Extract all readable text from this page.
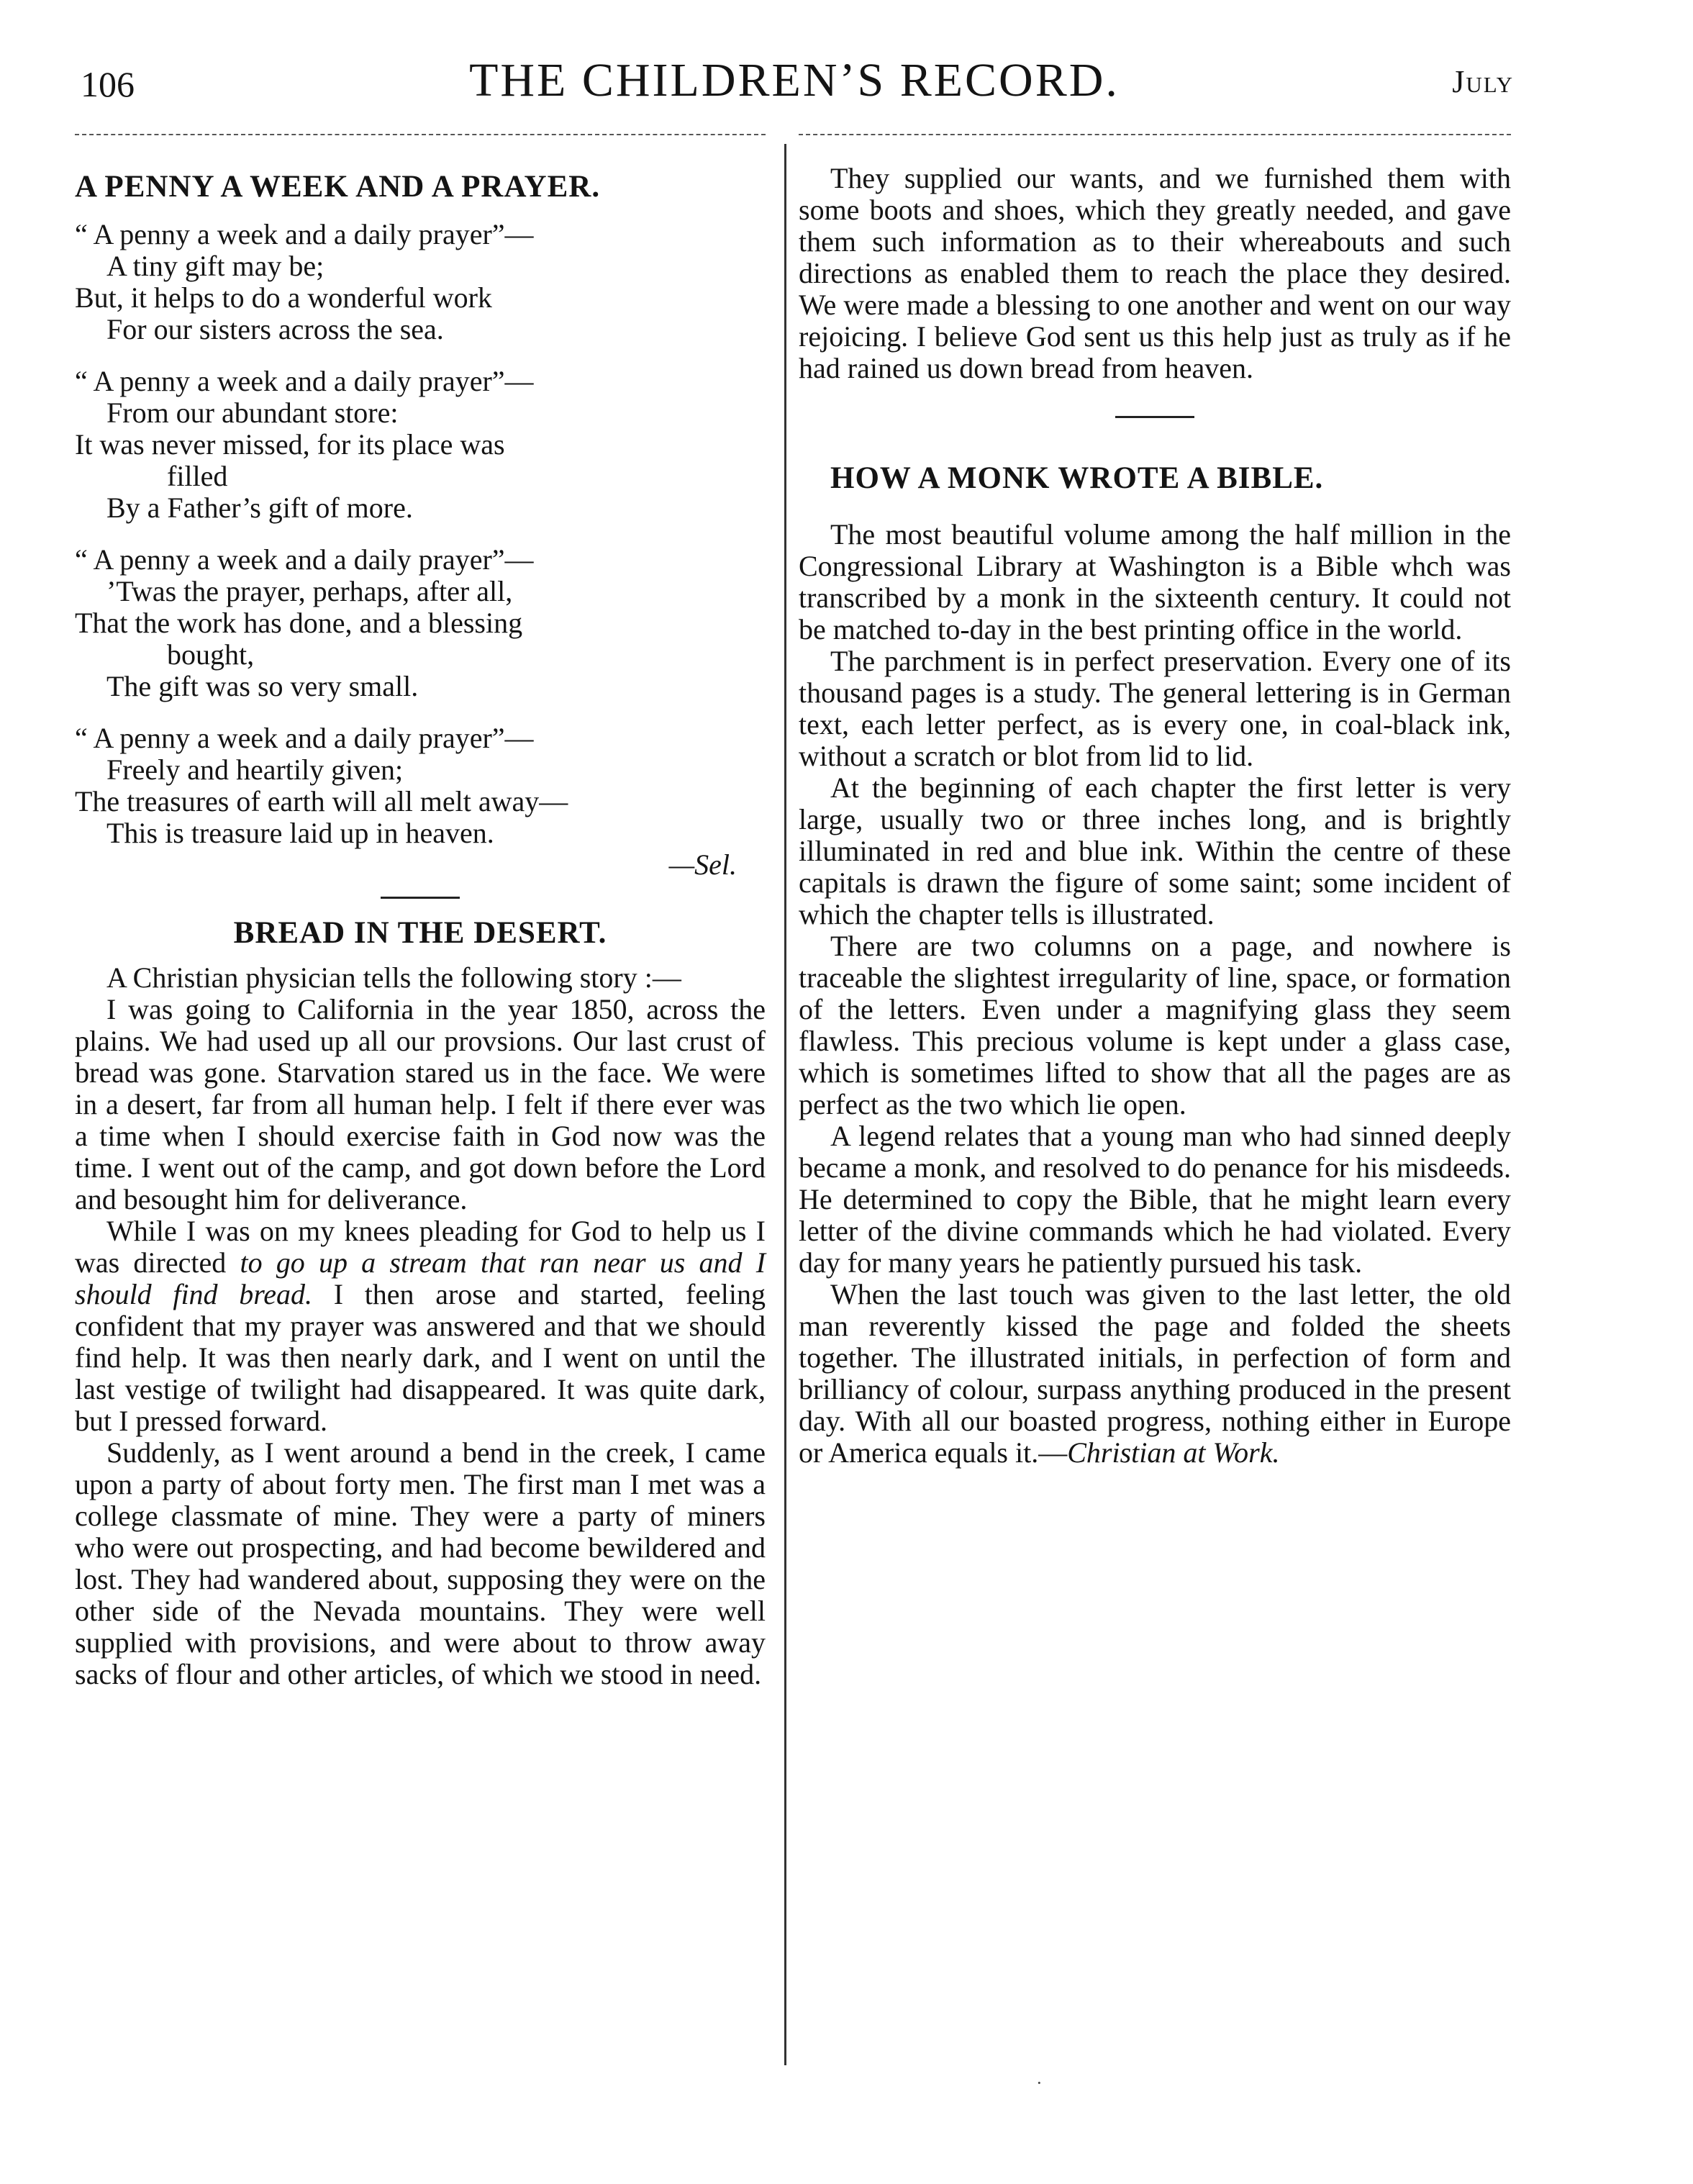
106	THE CHILDREN’S RECORD.	July
A PENNY A WEEK AND A PRAYER.
“ A penny a week and a daily prayer”—
A tiny gift may be;
But, it helps to do a wonderful work
For our sisters across the sea.
“ A penny a week and a daily prayer”—
From our abundant store:
It was never missed, for its place was
filled
By a Father’s gift of more.
“ A penny a week and a daily prayer”—
’Twas the prayer, perhaps, after all,
That the work has done, and a blessing
bought,
The gift was so very small.
“ A penny a week and a daily prayer”—
Freely and heartily given;
The treasures of earth will all melt away—
This is treasure laid up in heaven.
—Sel.
BREAD IN THE DESERT.

A Christian physician tells the following story :—

I was going to California in the year 1850, across the plains. We had used up all our provsions. Our last crust of bread was gone. Starvation stared us in the face. We were in a desert, far from all human help. I felt if there ever was a time when I should exercise faith in God now was the time. I went out of the camp, and got down before the Lord and besought him for deliverance.

While I was on my knees pleading for God to help us I was directed to go up a stream that ran near us and I should find bread. I then arose and started, feeling confident that my prayer was answered and that we should find help. It was then nearly dark, and I went on until the last vestige of twilight had disappeared. It was quite dark, but I pressed forward.

Suddenly, as I went around a bend in the creek, I came upon a party of about forty men. The first man I met was a college classmate of mine. They were a party of miners who were out prospecting, and had become bewildered and lost. They had wandered about, supposing they were on the other side of the Nevada mountains. They were well supplied with provisions, and were about to throw away sacks of flour and other articles, of which we stood in need.

They supplied our wants, and we furnished them with some boots and shoes, which they greatly needed, and gave them such information as to their whereabouts and such directions as enabled them to reach the place they desired. We were made a blessing to one another and went on our way rejoicing. I believe God sent us this help just as truly as if he had rained us down bread from heaven.

HOW A MONK WROTE A BIBLE.

The most beautiful volume among the half million in the Congressional Library at Washington is a Bible whch was transcribed by a monk in the sixteenth century. It could not be matched to-day in the best printing office in the world.

The parchment is in perfect preservation. Every one of its thousand pages is a study. The general lettering is in German text, each letter perfect, as is every one, in coal-black ink, without a scratch or blot from lid to lid.

At the beginning of each chapter the first letter is very large, usually two or three inches long, and is brightly illuminated in red and blue ink. Within the centre of these capitals is drawn the figure of some saint; some incident of which the chapter tells is illustrated.

There are two columns on a page, and nowhere is traceable the slightest irregularity of line, space, or formation of the letters. Even under a magnifying glass they seem flawless. This precious volume is kept under a glass case, which is sometimes lifted to show that all the pages are as perfect as the two which lie open.

A legend relates that a young man who had sinned deeply became a monk, and resolved to do penance for his misdeeds. He determined to copy the Bible, that he might learn every letter of the divine commands which he had violated. Every day for many years he patiently pursued his task.

When the last touch was given to the last letter, the old man reverently kissed the page and folded the sheets together. The illustrated initials, in perfection of form and brilliancy of colour, surpass anything produced in the present day. With all our boasted progress, nothing either in Europe or America equals it.—Christian at Work.

·
